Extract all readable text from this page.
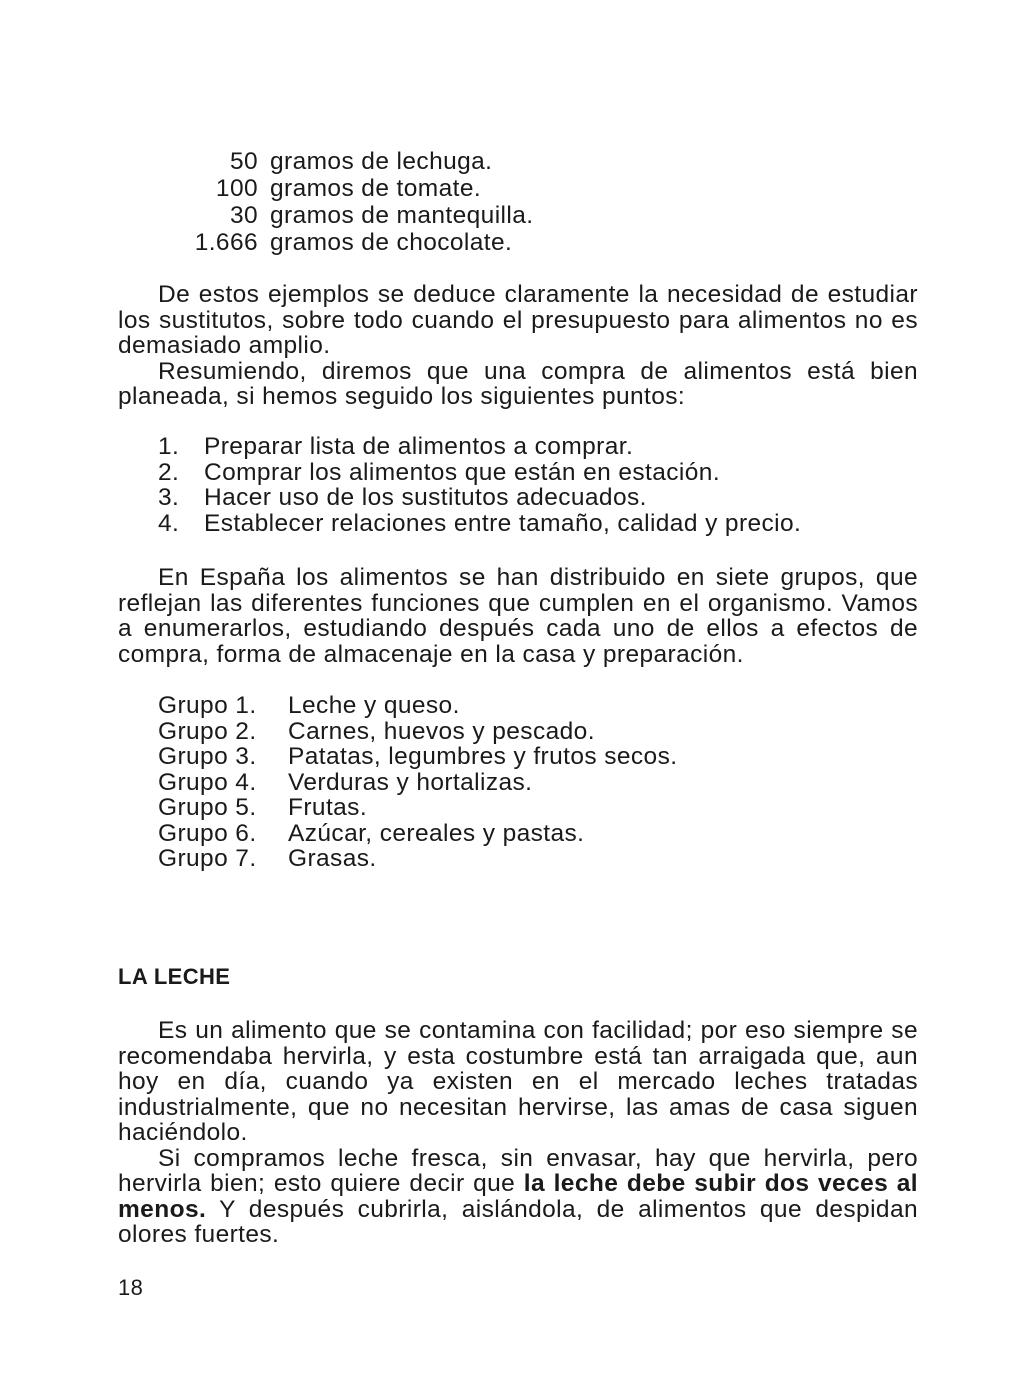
50 gramos de lechuga.
100 gramos de tomate.
30 gramos de mantequilla.
1.666 gramos de chocolate.

De estos ejemplos se deduce claramente la necesidad de estudiar los sustitutos, sobre todo cuando el presupuesto para alimentos no es demasiado amplio.

Resumiendo, diremos que una compra de alimentos está bien planeada, si hemos seguido los siguientes puntos:

1.	Preparar lista de alimentos a comprar.
2.	Comprar los alimentos que están en estación.
3.	Hacer uso de los sustitutos adecuados.
4.	Establecer relaciones entre tamaño, calidad y precio.

En España los alimentos se han distribuido en siete grupos, que reflejan las diferentes funciones que cumplen en el organismo. Vamos a enumerarlos, estudiando después cada uno de ellos a efectos de compra, forma de almacenaje en la casa y preparación.

Grupo 1.	Leche y queso.
Grupo 2.	Carnes, huevos y pescado.
Grupo 3.	Patatas, legumbres y frutos secos.
Grupo 4.	Verduras y hortalizas.
Grupo 5.	Frutas.
Grupo 6.	Azúcar, cereales y pastas.
Grupo 7.	Grasas.
LA LECHE

Es un alimento que se contamina con facilidad; por eso siempre se recomendaba hervirla, y esta costumbre está tan arraigada que, aun hoy en día, cuando ya existen en el mercado leches tratadas industrialmente, que no necesitan hervirse, las amas de casa siguen haciéndolo.

Si compramos leche fresca, sin envasar, hay que hervirla, pero hervirla bien; esto quiere decir que la leche debe subir dos veces al menos. Y después cubrirla, aislándola, de alimentos que despidan olores fuertes.

18
